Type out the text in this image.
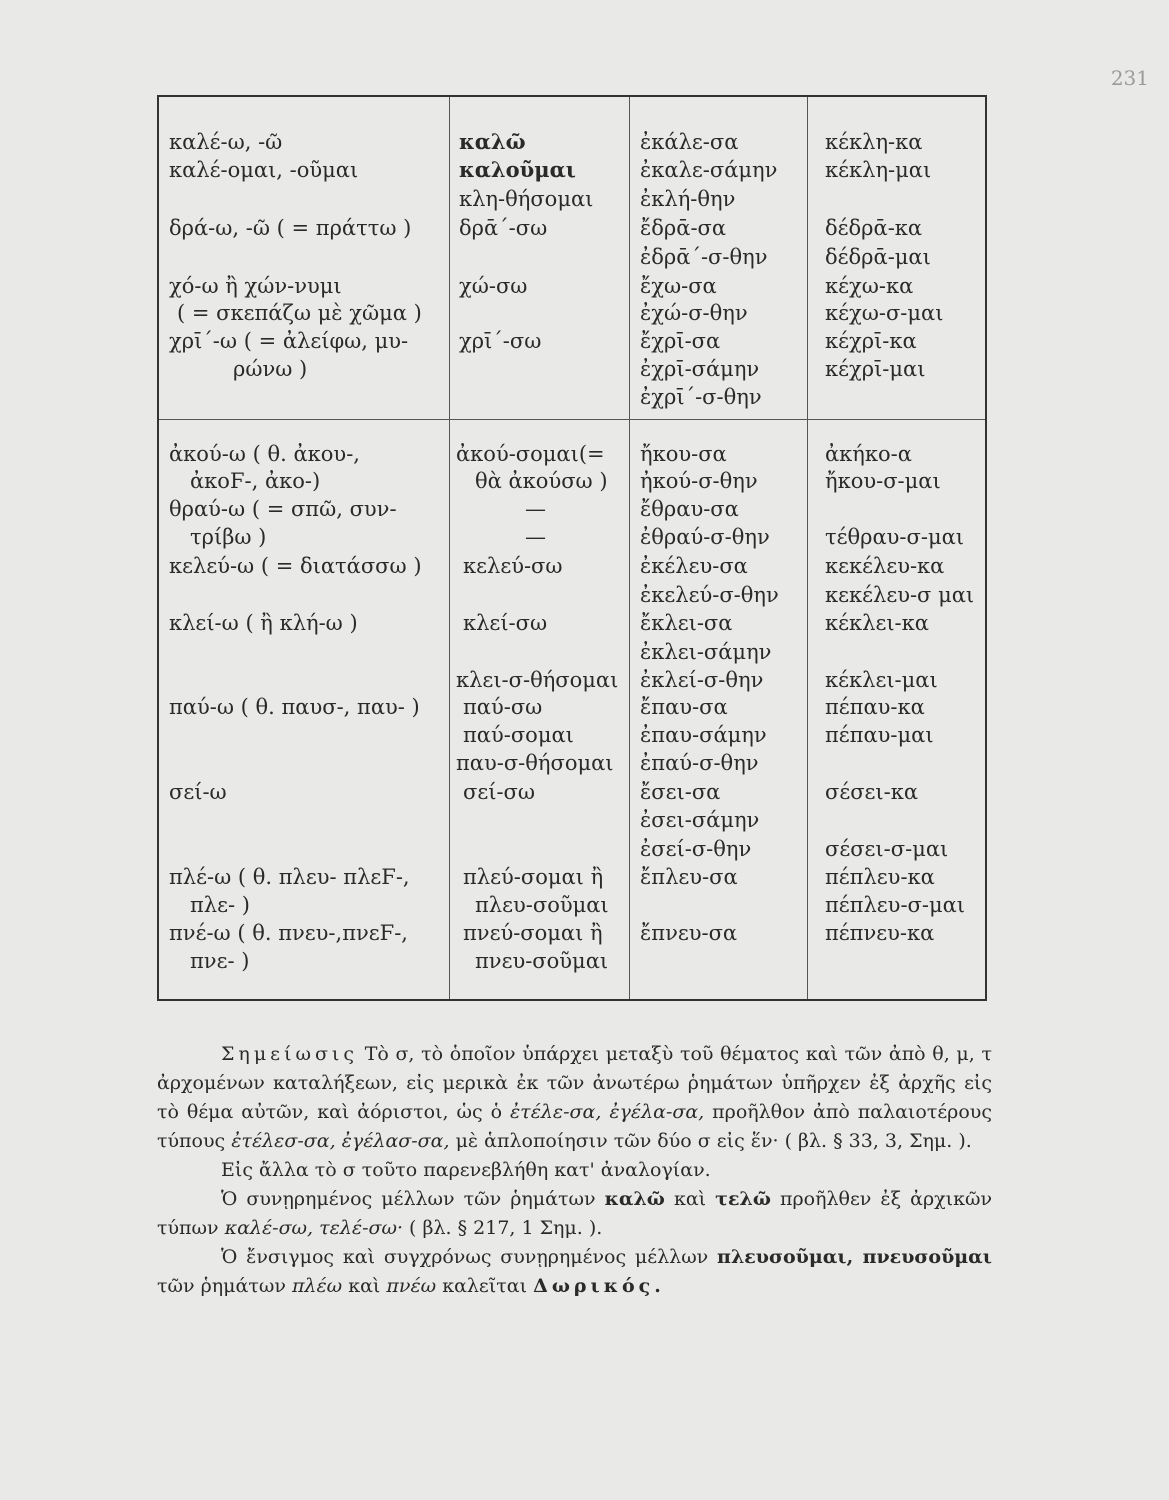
231
καλέ-ω, -ῶ
καλέ-ομαι, -οῦμαι
δρά-ω, -ῶ ( = πράττω )
χό-ω ἢ χών-νυμι
( = σκεπάζω μὲ χῶμα )
χρῑ΄-ω ( = ἀλείφω, μυ-
ρώνω )
ἀκού-ω ( θ. ἀκου-,
ἀκοϜ-, ἀκο-)
θραύ-ω ( = σπῶ, συν-
τρίβω )
κελεύ-ω ( = διατάσσω )
κλεί-ω ( ἢ κλή-ω )
παύ-ω ( θ. παυσ-, παυ- )
σεί-ω
πλέ-ω ( θ. πλευ- πλεϜ-,
πλε- )
πνέ-ω ( θ. πνευ-,πνεϜ-,
πνε- )
καλῶ
καλοῦμαι
κλη-θήσομαι
δρᾱ΄-σω
χώ-σω
χρῑ΄-σω
ἀκού-σομαι(=
θὰ ἀκούσω )
—
—
κελεύ-σω
κλεί-σω
κλει-σ-θήσομαι
παύ-σω
παύ-σομαι
παυ-σ-θήσομαι
σεί-σω
πλεύ-σομαι ἢ
πλευ-σοῦμαι
πνεύ-σομαι ἢ
πνευ-σοῦμαι
ἐκάλε-σα
ἐκαλε-σάμην
ἐκλή-θην
ἔδρᾱ-σα
ἐδρᾱ΄-σ-θην
ἔχω-σα
ἐχώ-σ-θην
ἔχρῑ-σα
ἐχρῑ-σάμην
ἐχρῑ΄-σ-θην
ἤκου-σα
ἠκού-σ-θην
ἔθραυ-σα
ἐθραύ-σ-θην
ἐκέλευ-σα
ἐκελεύ-σ-θην
ἔκλει-σα
ἐκλει-σάμην
ἐκλεί-σ-θην
ἔπαυ-σα
ἐπαυ-σάμην
ἐπαύ-σ-θην
ἔσει-σα
ἐσει-σάμην
ἐσεί-σ-θην
ἔπλευ-σα
ἔπνευ-σα
κέκλη-κα
κέκλη-μαι
δέδρᾱ-κα
δέδρᾱ-μαι
κέχω-κα
κέχω-σ-μαι
κέχρῑ-κα
κέχρῑ-μαι
ἀκήκο-α
ἤκου-σ-μαι
τέθραυ-σ-μαι
κεκέλευ-κα
κεκέλευ-σ μαι
κέκλει-κα
κέκλει-μαι
πέπαυ-κα
πέπαυ-μαι
σέσει-κα
σέσει-σ-μαι
πέπλευ-κα
πέπλευ-σ-μαι
πέπνευ-κα

Σημείωσις Τὸ σ, τὸ ὁποῖον ὑπάρχει μεταξὺ τοῦ θέματος καὶ τῶν ἀπὸ θ, μ, τ ἀρχομένων καταλήξεων, εἰς μερικὰ ἐκ τῶν ἀνωτέρω ῥημάτων ὑπῆρχεν ἐξ ἀρχῆς εἰς τὸ θέμα αὐτῶν, καὶ ἀόριστοι, ὡς ὁ ἐτέλε-σα, ἐγέλα-σα, προῆλθον ἀπὸ παλαιοτέρους τύπους ἐτέλεσ-σα, ἐγέλασ-σα, μὲ ἁπλοποίησιν τῶν δύο σ εἰς ἕν· ( βλ. § 33, 3, Σημ. ).

Εἰς ἄλλα τὸ σ τοῦτο παρενεβλήθη κατ' ἀναλογίαν.

Ὁ συνῃρημένος μέλλων τῶν ῥημάτων καλῶ καὶ τελῶ προῆλθεν ἐξ ἀρχικῶν τύπων καλέ-σω, τελέ-σω· ( βλ. § 217, 1 Σημ. ).

Ὁ ἔνσιγμος καὶ συγχρόνως συνῃρημένος μέλλων πλευσοῦμαι, πνευσοῦμαι τῶν ῥημάτων πλέω καὶ πνέω καλεῖται Δωρικός.
